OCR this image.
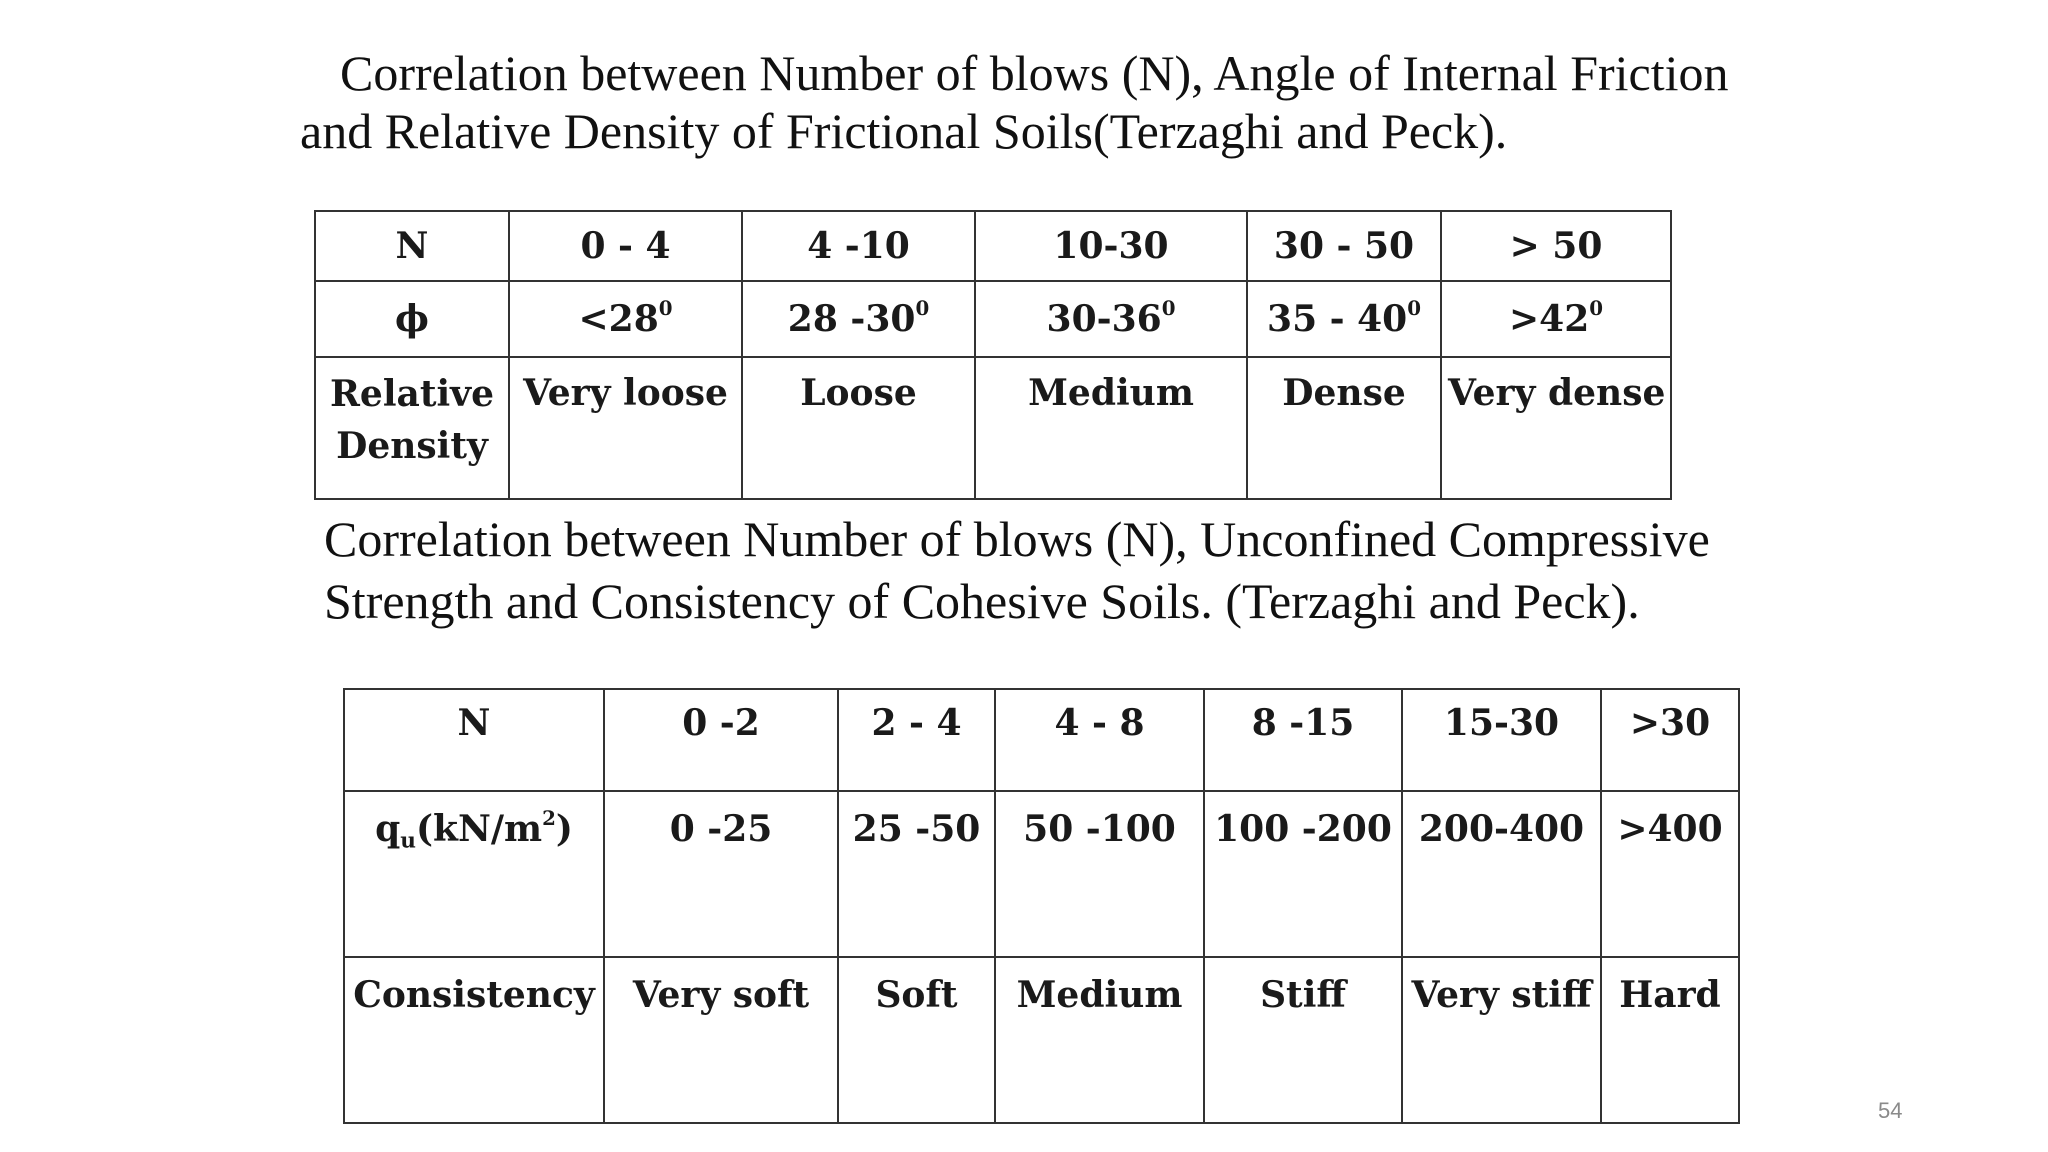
Correlation between Number of blows (N), Angle of Internal Friction
and Relative Density of Frictional Soils(Terzaghi and Peck).
N	0 - 4	4 -10	10-30	30 - 50	> 50
ϕ	$<28^0$	28 $-30^0$	$30-36^0$	$35 - 40^0$	$>42^0$
Relative Density	Very loose	Loose	Medium	Dense	Very dense
Correlation between Number of blows (N), Unconfined Compressive
Strength and Consistency of Cohesive Soils. (Terzaghi and Peck).
N	0 -2	2 - 4	4 - 8	8 -15	15-30	>30
$q_u(kN/m^2)$	0 -25	25 -50	50 -100	100 -200	200-400	>400
Consistency	Very soft	Soft	Medium	Stiff	Very stiff	Hard
54
